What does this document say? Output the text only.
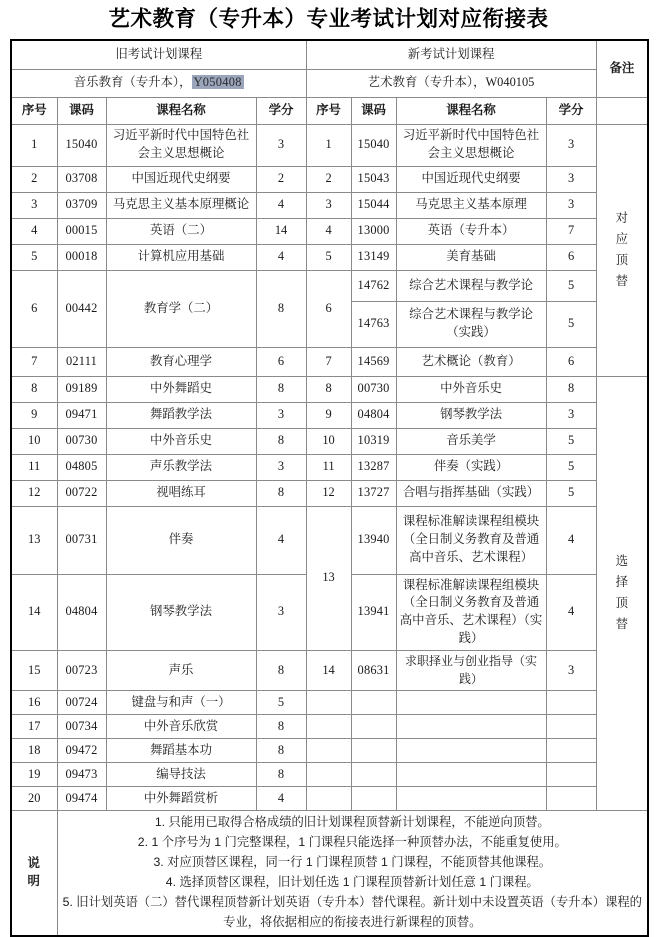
艺术教育（专升本）专业考试计划对应衔接表
旧考试计划课程				新考试计划课程				备注
音乐教育（专升本）， Y050408				艺术教育（专升本），W040105				
序号	课码	课程名称	学分	序号	课码	课程名称	学分	
1	15040	习近平新时代中国特色社会主义思想概论	3	1	15040	习近平新时代中国特色社会主义思想概论	3	对应顶替

2	03708	中国近现代史纲要	2	2	15043	中国近现代史纲要	3	
3	03709	马克思主义基本原理概论	4	3	15044	马克思主义基本原理	3	
4	00015	英语（二）	14	4	13000	英语（专升本）	7	
5	00018	计算机应用基础	4	5	13149	美育基础	6	
6	00442	教育学（二）	8	6	14762	综合艺术课程与教学论	5	
					14763	综合艺术课程与教学论（实践）	5	
7	02111	教育心理学	6	7	14569	艺术概论（教育）	6	
8	09189	中外舞蹈史	8	8	00730	中外音乐史	8	选择顶替

9	09471	舞蹈教学法	3	9	04804	钢琴教学法	3	
10	00730	中外音乐史	8	10	10319	音乐美学	5	
11	04805	声乐教学法	3	11	13287	伴奏（实践）	5	
12	00722	视唱练耳	8	12	13727	合唱与指挥基础（实践）	5	
13	00731	伴奏	4	13	13940	课程标准解读课程组模块（全日制义务教育及普通高中音乐、艺术课程）	4	
14	04804	钢琴教学法	3		13941	课程标准解读课程组模块（全日制义务教育及普通高中音乐、艺术课程）（实践）	4	
15	00723	声乐	8	14	08631	求职择业与创业指导（实践）	3	
16	00724	键盘与和声（一）	5					
17	00734	中外音乐欣赏	8					
18	09472	舞蹈基本功	8					
19	09473	编导技法	8					
20	09474	中外舞蹈赏析	4					

说
明

1. 只能用已取得合格成绩的旧计划课程顶替新计划课程，不能逆向顶替。
2. 1 个序号为 1 门完整课程，1 门课程只能选择一种顶替办法，不能重复使用。
3. 对应顶替区课程，同一行 1 门课程顶替 1 门课程，不能顶替其他课程。
4. 选择顶替区课程，旧计划任选 1 门课程顶替新计划任意 1 门课程。
5. 旧计划英语（二）替代课程顶替新计划英语（专升本）替代课程。新计划中未设置英语（专升本）课程的专业，将依据相应的衔接表进行新课程的顶替。
